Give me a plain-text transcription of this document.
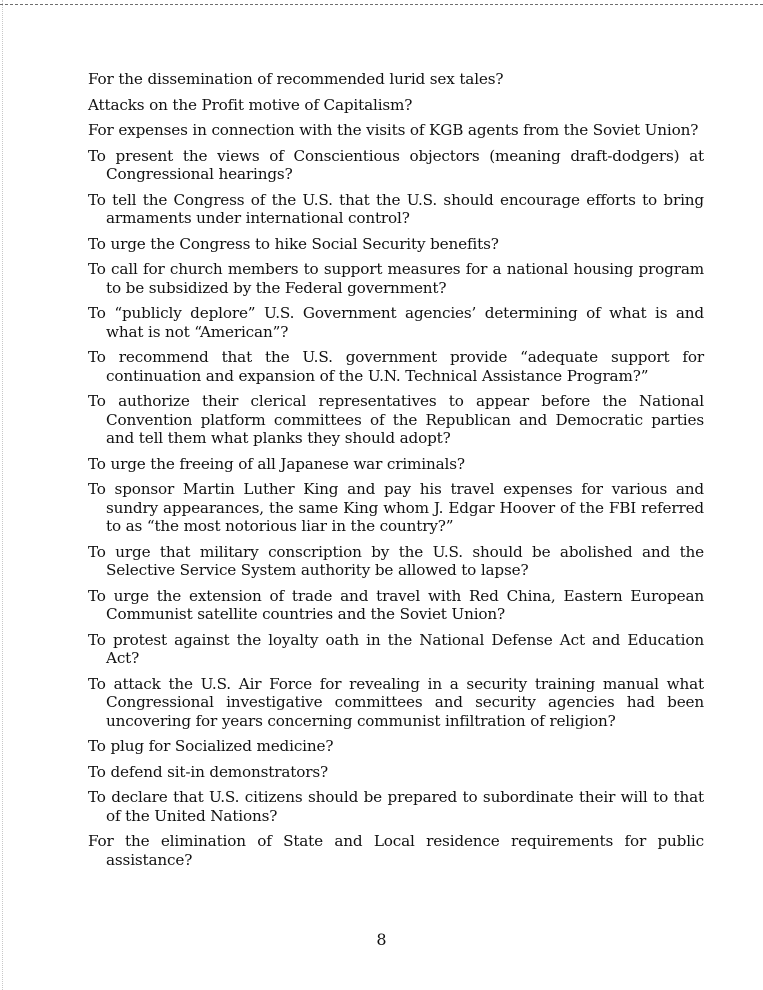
For the dissemination of recommended lurid sex tales?
Attacks on the Profit motive of Capitalism?
For expenses in connection with the visits of KGB agents from the Soviet Union?
To present the views of Conscientious objectors (meaning draft-dodgers) at Congressional hearings?
To tell the Congress of the U.S. that the U.S. should encourage efforts to bring armaments under international control?
To urge the Congress to hike Social Security benefits?
To call for church members to support measures for a national housing program to be subsidized by the Federal government?
To “publicly deplore” U.S. Government agencies’ determining of what is and what is not “American”?
To recommend that the U.S. government provide “adequate support for continuation and expansion of the U.N. Technical Assistance Program?”
To authorize their clerical representatives to appear before the National Convention platform committees of the Republican and Democratic parties and tell them what planks they should adopt?
To urge the freeing of all Japanese war criminals?
To sponsor Martin Luther King and pay his travel expenses for various and sundry appearances, the same King whom J. Edgar Hoover of the FBI referred to as “the most notorious liar in the country?”
To urge that military conscription by the U.S. should be abolished and the Selective Service System authority be allowed to lapse?
To urge the extension of trade and travel with Red China, Eastern European Communist satellite countries and the Soviet Union?
To protest against the loyalty oath in the National Defense Act and Education Act?
To attack the U.S. Air Force for revealing in a security training manual what Congressional investigative committees and security agencies had been uncovering for years concerning communist infiltration of religion?
To plug for Socialized medicine?
To defend sit-in demonstrators?
To declare that U.S. citizens should be prepared to subordinate their will to that of the United Nations?
For the elimination of State and Local residence requirements for public assistance?
8
